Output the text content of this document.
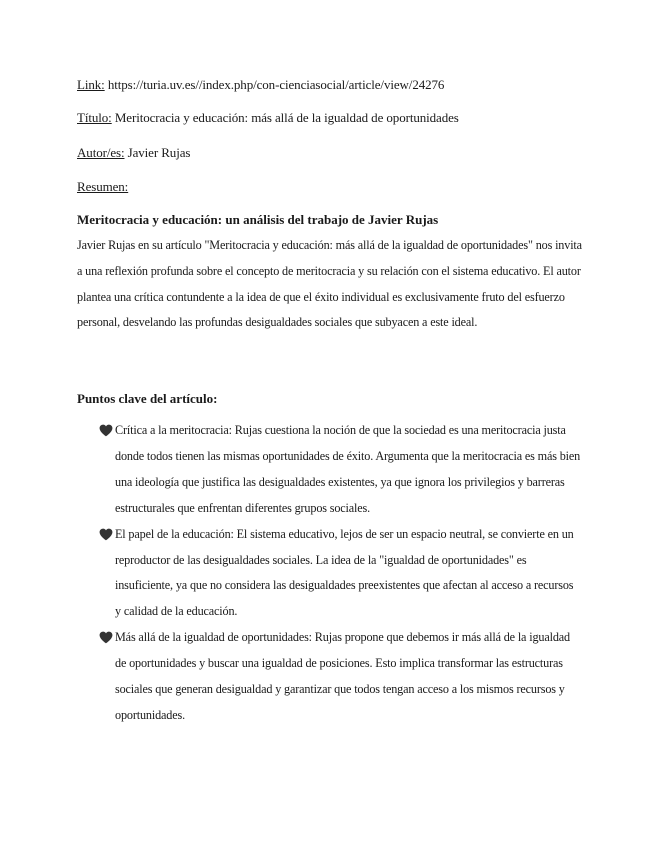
Link: https://turia.uv.es//index.php/con-cienciasocial/article/view/24276
Título: Meritocracia y educación: más allá de la igualdad de oportunidades
Autor/es: Javier Rujas
Resumen:
Meritocracia y educación: un análisis del trabajo de Javier Rujas
Javier Rujas en su artículo "Meritocracia y educación: más allá de la igualdad de oportunidades" nos invita a una reflexión profunda sobre el concepto de meritocracia y su relación con el sistema educativo. El autor plantea una crítica contundente a la idea de que el éxito individual es exclusivamente fruto del esfuerzo personal, desvelando las profundas desigualdades sociales que subyacen a este ideal.
Puntos clave del artículo:
Crítica a la meritocracia: Rujas cuestiona la noción de que la sociedad es una meritocracia justa donde todos tienen las mismas oportunidades de éxito. Argumenta que la meritocracia es más bien una ideología que justifica las desigualdades existentes, ya que ignora los privilegios y barreras estructurales que enfrentan diferentes grupos sociales.
El papel de la educación: El sistema educativo, lejos de ser un espacio neutral, se convierte en un reproductor de las desigualdades sociales. La idea de la "igualdad de oportunidades" es insuficiente, ya que no considera las desigualdades preexistentes que afectan al acceso a recursos y calidad de la educación.
Más allá de la igualdad de oportunidades: Rujas propone que debemos ir más allá de la igualdad de oportunidades y buscar una igualdad de posiciones. Esto implica transformar las estructuras sociales que generan desigualdad y garantizar que todos tengan acceso a los mismos recursos y oportunidades.
